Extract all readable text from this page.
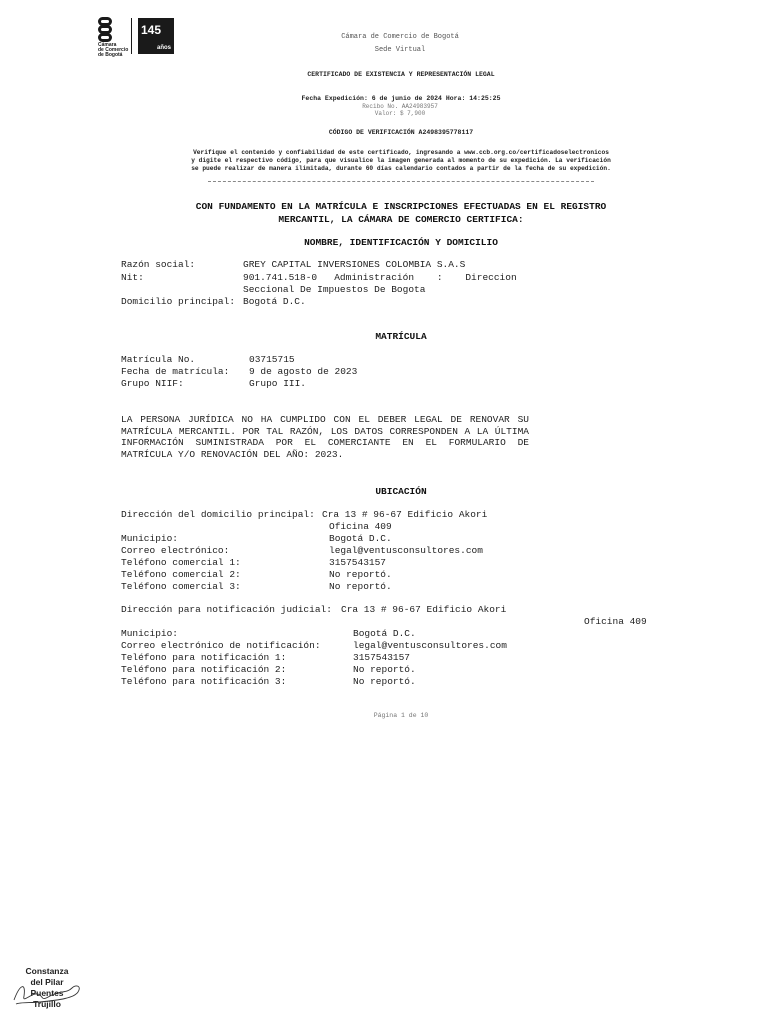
Cámara
de Comercio
de Bogotá
145
años
Cámara de Comercio de Bogotá
Sede Virtual
CERTIFICADO DE EXISTENCIA Y REPRESENTACIÓN LEGAL
Fecha Expedición: 6 de junio de 2024 Hora: 14:25:25
Recibo No. AA24983957
Valor: $ 7,900
CÓDIGO DE VERIFICACIÓN A2498395778117
Verifique el contenido y confiabilidad de este certificado, ingresando a www.ccb.org.co/certificadoselectronicos y digite el respectivo código, para que visualice la imagen generada al momento de su expedición. La verificación se puede realizar de manera ilimitada, durante 60 días calendario contados a partir de la fecha de su expedición.
CON FUNDAMENTO EN LA MATRÍCULA E INSCRIPCIONES EFECTUADAS EN EL REGISTRO MERCANTIL, LA CÁMARA DE COMERCIO CERTIFICA:
NOMBRE, IDENTIFICACIÓN Y DOMICILIO
Razón social:	GREY CAPITAL INVERSIONES COLOMBIA S.A.S
Nit:	901.741.518-0   Administración    :    Direccion
Seccional De Impuestos De Bogota
Domicilio principal: Bogotá D.C.
MATRÍCULA
Matrícula No.	03715715
Fecha de matrícula: 9 de agosto de 2023
Grupo NIIF:	Grupo III.
LA PERSONA JURÍDICA NO HA CUMPLIDO CON EL DEBER LEGAL DE RENOVAR SU MATRÍCULA MERCANTIL. POR TAL RAZÓN, LOS DATOS CORRESPONDEN A LA ÚLTIMA INFORMACIÓN SUMINISTRADA POR EL COMERCIANTE EN EL FORMULARIO DE MATRÍCULA Y/O RENOVACIÓN DEL AÑO: 2023.
UBICACIÓN
Dirección del domicilio principal: Cra 13 # 96-67 Edificio Akori
Oficina 409
Municipio:	Bogotá D.C.
Correo electrónico:	legal@ventusconsultores.com
Teléfono comercial 1:	3157543157
Teléfono comercial 2:	No reportó.
Teléfono comercial 3:	No reportó.
Dirección para notificación judicial: Cra 13 # 96-67 Edificio Akori
Oficina 409
Municipio:	Bogotá D.C.
Correo electrónico de notificación:	legal@ventusconsultores.com
Teléfono para notificación 1:	3157543157
Teléfono para notificación 2:	No reportó.
Teléfono para notificación 3:	No reportó.
Página 1 de 10
Constanza del Pilar Puentes Trujillo
